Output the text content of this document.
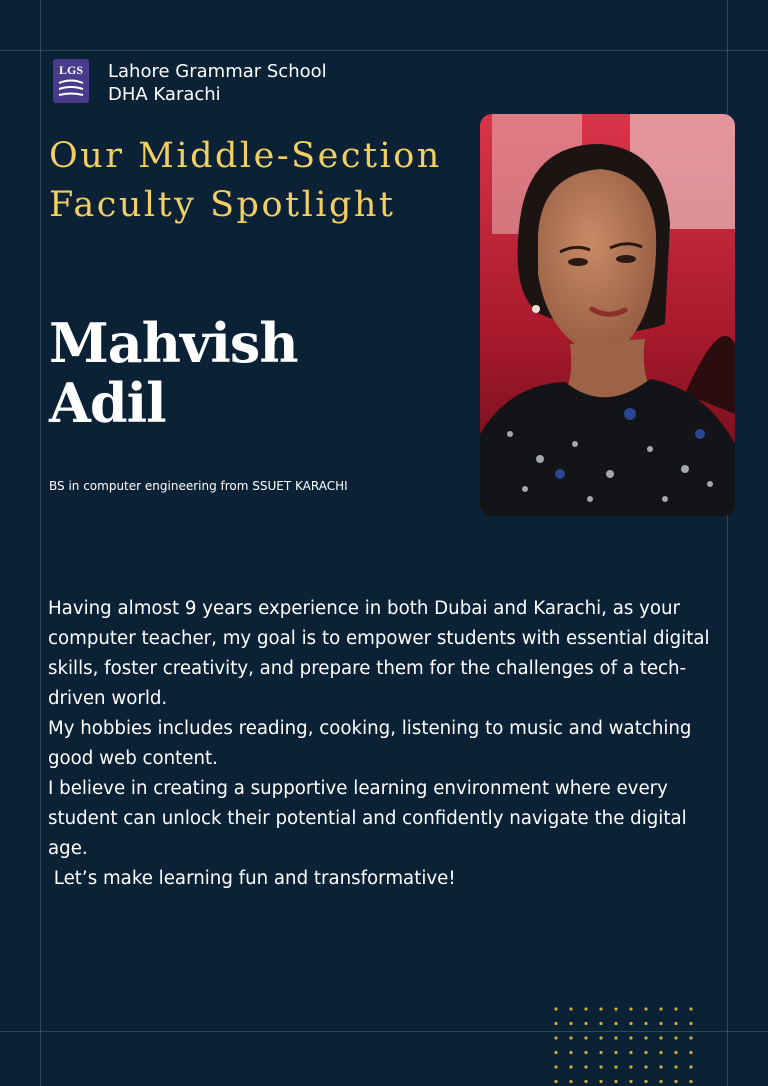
LGS Lahore Grammar School
DHA Karachi
Our Middle-Section
Faculty Spotlight
Mahvish
Adil
BS in computer engineering from SSUET KARACHI
Having almost 9 years experience in both Dubai and Karachi, as your computer teacher, my goal is to empower students with essential digital skills, foster creativity, and prepare them for the challenges of a tech-driven world.
My hobbies includes reading, cooking, listening to music and watching good web content.
I believe in creating a supportive learning environment where every student can unlock their potential and confidently navigate the digital age.
Let’s make learning fun and transformative!
